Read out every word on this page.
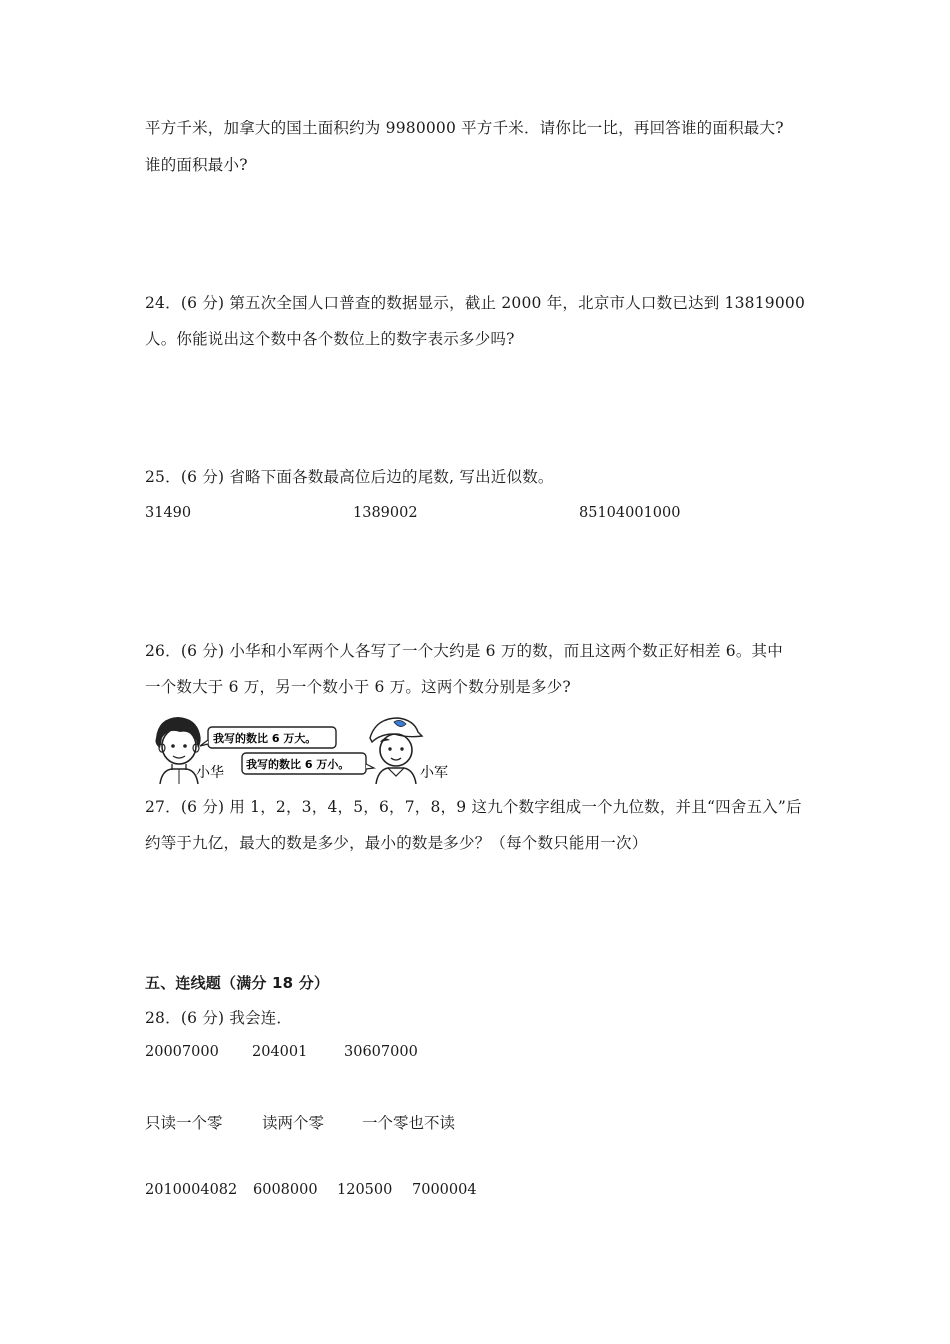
平方千米，加拿大的国土面积约为 9980000 平方千米．请你比一比，再回答谁的面积最大?
谁的面积最小?
24．(6 分) 第五次全国人口普查的数据显示，截止 2000 年，北京市人口数已达到 13819000
人。你能说出这个数中各个数位上的数字表示多少吗?
25．(6 分) 省略下面各数最高位后边的尾数, 写出近似数。
31490	1389002	85104001000
26．(6 分) 小华和小军两个人各写了一个大约是 6 万的数，而且这两个数正好相差 6。其中
一个数大于 6 万，另一个数小于 6 万。这两个数分别是多少?
我写的数比 6 万大。
我写的数比 6 万小。
小华	小军
27．(6 分) 用 1，2，3，4，5，6，7，8，9 这九个数字组成一个九位数，并且“四舍五入”后
约等于九亿，最大的数是多少，最小的数是多少？（每个数只能用一次）
五、连线题（满分 18 分）
28．(6 分) 我会连．
20007000 204001	30607000
只读一个零	读两个零 一个零也不读
2010004082 6008000 120500 7000004
